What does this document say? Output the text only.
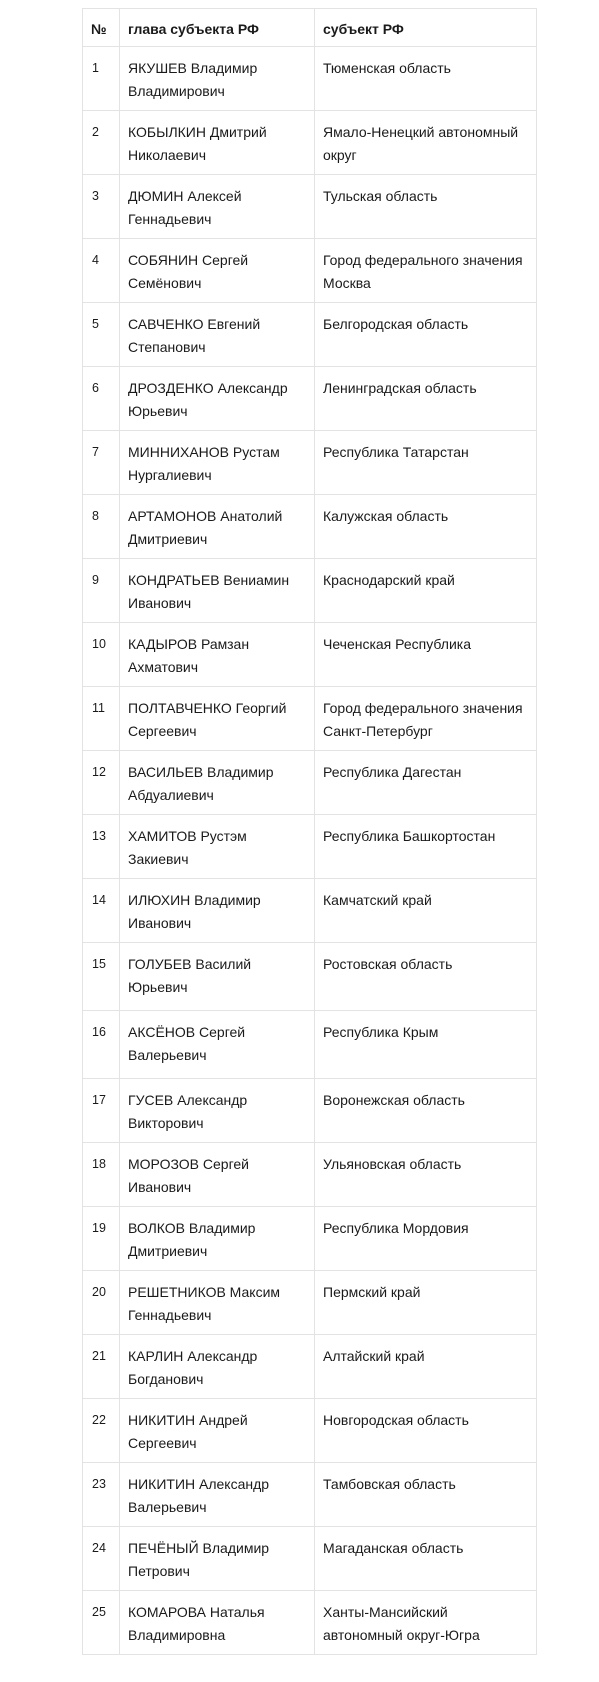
№	глава субъекта РФ	субъект РФ
1	ЯКУШЕВ Владимир Владимирович	Тюменская область
2	КОБЫЛКИН Дмитрий Николаевич	Ямало-Ненецкий автономный округ
3	ДЮМИН Алексей Геннадьевич	Тульская область
4	СОБЯНИН Сергей Семёнович	Город федерального значения Москва
5	САВЧЕНКО Евгений Степанович	Белгородская область
6	ДРОЗДЕНКО Александр Юрьевич	Ленинградская область
7	МИННИХАНОВ Рустам Нургалиевич	Республика Татарстан
8	АРТАМОНОВ Анатолий Дмитриевич	Калужская область
9	КОНДРАТЬЕВ Вениамин Иванович	Краснодарский край
10	КАДЫРОВ Рамзан Ахматович	Чеченская Республика
11	ПОЛТАВЧЕНКО Георгий Сергеевич	Город федерального значения Санкт-Петербург
12	ВАСИЛЬЕВ Владимир Абдуалиевич	Республика Дагестан
13	ХАМИТОВ Рустэм Закиевич	Республика Башкортостан
14	ИЛЮХИН Владимир Иванович	Камчатский край
15	ГОЛУБЕВ Василий Юрьевич	Ростовская область
16	АКСЁНОВ Сергей Валерьевич	Республика Крым
17	ГУСЕВ Александр Викторович	Воронежская область
18	МОРОЗОВ Сергей Иванович	Ульяновская область
19	ВОЛКОВ Владимир Дмитриевич	Республика Мордовия
20	РЕШЕТНИКОВ Максим Геннадьевич	Пермский край
21	КАРЛИН Александр Богданович	Алтайский край
22	НИКИТИН Андрей Сергеевич	Новгородская область
23	НИКИТИН Александр Валерьевич	Тамбовская область
24	ПЕЧЁНЫЙ Владимир Петрович	Магаданская область
25	КОМАРОВА Наталья Владимировна	Ханты-Мансийский автономный округ-Югра
